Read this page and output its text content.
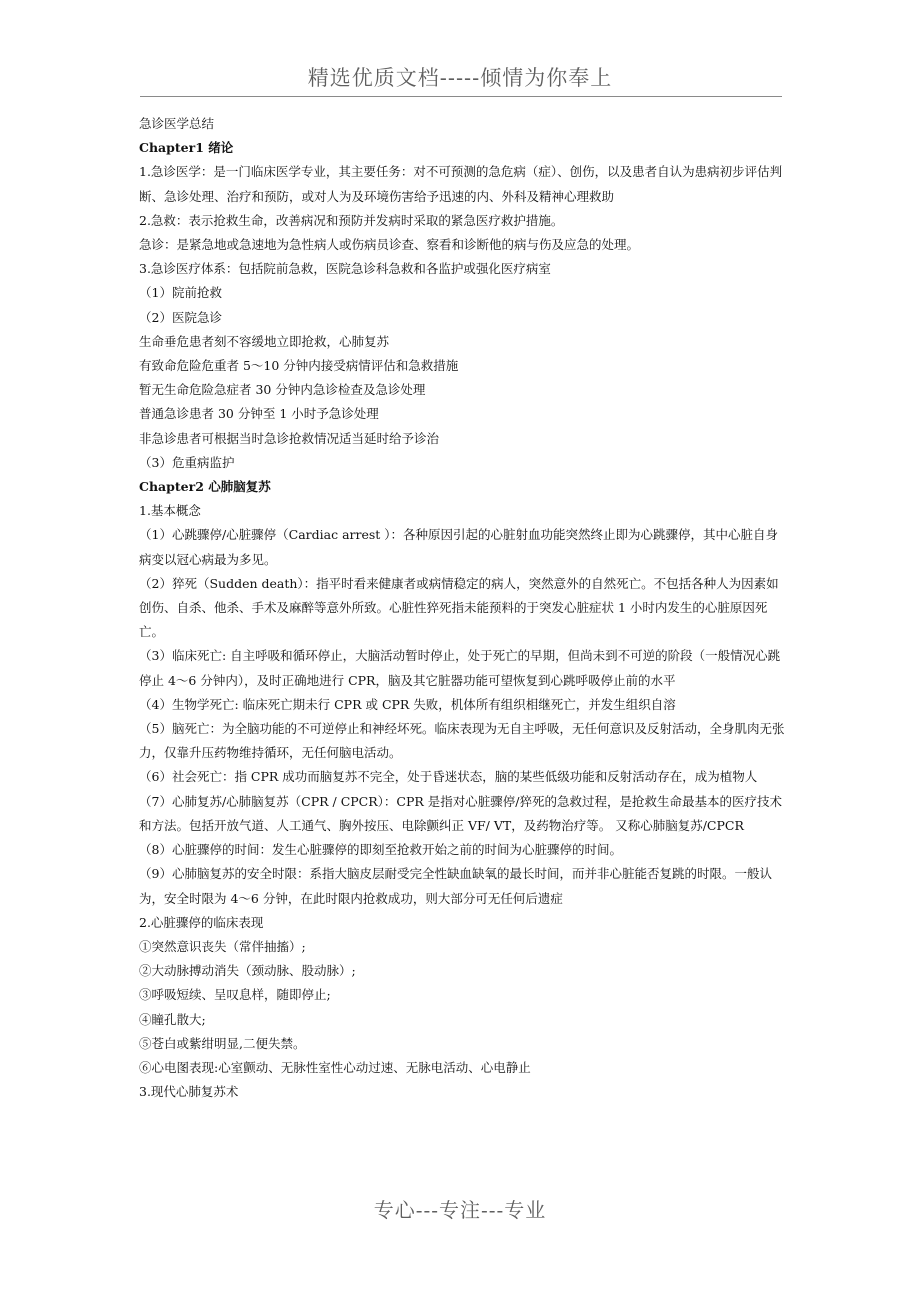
精选优质文档-----倾情为你奉上

急诊医学总结

Chapter1 绪论

1.急诊医学：是一门临床医学专业，其主要任务：对不可预测的急危病（症）、创伤，以及患者自认为患病初步评估判断、急诊处理、治疗和预防，或对人为及环境伤害给予迅速的内、外科及精神心理救助

2.急救：表示抢救生命，改善病况和预防并发病时采取的紧急医疗救护措施。

急诊：是紧急地或急速地为急性病人或伤病员诊查、察看和诊断他的病与伤及应急的处理。

3.急诊医疗体系：包括院前急救，医院急诊科急救和各监护或强化医疗病室

（1）院前抢救

（2）医院急诊

生命垂危患者刻不容缓地立即抢救，心肺复苏

有致命危险危重者 5～10 分钟内接受病情评估和急救措施

暂无生命危险急症者 30 分钟内急诊检查及急诊处理

普通急诊患者 30 分钟至 1 小时予急诊处理

非急诊患者可根据当时急诊抢救情况适当延时给予诊治

（3）危重病监护

Chapter2 心肺脑复苏

1.基本概念

（1）心跳骤停/心脏骤停（Cardiac arrest ）：各种原因引起的心脏射血功能突然终止即为心跳骤停，其中心脏自身病变以冠心病最为多见。

（2）猝死（Sudden death）：指平时看来健康者或病情稳定的病人，突然意外的自然死亡。不包括各种人为因素如创伤、自杀、他杀、手术及麻醉等意外所致。心脏性猝死指未能预料的于突发心脏症状 1 小时内发生的心脏原因死亡。

（3）临床死亡: 自主呼吸和循环停止，大脑活动暂时停止，处于死亡的早期，但尚未到不可逆的阶段（一般情况心跳停止 4～6 分钟内），及时正确地进行 CPR，脑及其它脏器功能可望恢复到心跳呼吸停止前的水平

（4）生物学死亡: 临床死亡期未行 CPR 或 CPR 失败，机体所有组织相继死亡，并发生组织自溶

（5）脑死亡：为全脑功能的不可逆停止和神经坏死。临床表现为无自主呼吸，无任何意识及反射活动，全身肌肉无张力，仅靠升压药物维持循环，无任何脑电活动。

（6）社会死亡：指 CPR 成功而脑复苏不完全，处于昏迷状态，脑的某些低级功能和反射活动存在，成为植物人

（7）心肺复苏/心肺脑复苏（CPR / CPCR）：CPR 是指对心脏骤停/猝死的急救过程，是抢救生命最基本的医疗技术和方法。包括开放气道、人工通气、胸外按压、电除颤纠正 VF/ VT，及药物治疗等。 又称心肺脑复苏/CPCR

（8）心脏骤停的时间：发生心脏骤停的即刻至抢救开始之前的时间为心脏骤停的时间。

（9）心肺脑复苏的安全时限：系指大脑皮层耐受完全性缺血缺氧的最长时间，而并非心脏能否复跳的时限。一般认为，安全时限为 4～6 分钟，在此时限内抢救成功，则大部分可无任何后遗症

2.心脏骤停的临床表现

①突然意识丧失（常伴抽搐）;

②大动脉搏动消失（颈动脉、股动脉）;

③呼吸短续、呈叹息样，随即停止;

④瞳孔散大;

⑤苍白或紫绀明显,二便失禁。

⑥心电图表现:心室颤动、无脉性室性心动过速、无脉电活动、心电静止

3.现代心肺复苏术

专心---专注---专业
